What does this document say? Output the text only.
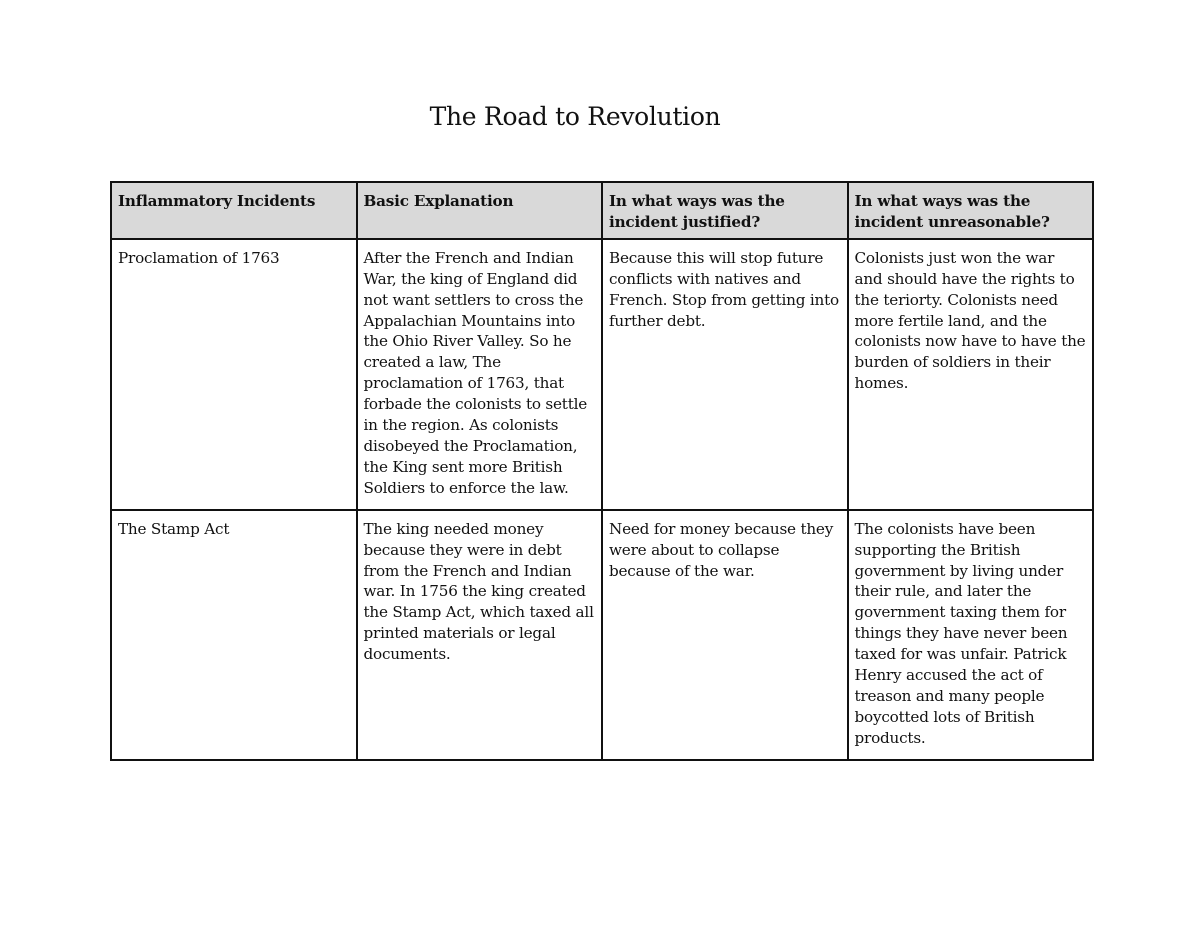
The Road to Revolution
Inflammatory Incidents	Basic Explanation	In what ways was the incident justified?	In what ways was the incident unreasonable?
Proclamation of 1763	After the French and Indian War, the king of England did not want settlers to cross the Appalachian Mountains into the Ohio River Valley. So he created a law, The proclamation of 1763, that forbade the colonists to settle in the region. As colonists disobeyed the Proclamation, the King sent more British Soldiers to enforce the law.	Because this will stop future conflicts with natives and French. Stop from getting into further debt.	Colonists just won the war and should have the rights to the teriorty. Colonists need more fertile land, and the colonists now have to have the burden of soldiers in their homes.
The Stamp Act	The king needed money because they were in debt from the French and Indian war. In 1756 the king created the Stamp Act, which taxed all printed materials or legal documents.	Need for money because they were about to collapse because of the war.	The colonists have been supporting the British government by living under their rule, and later the government taxing them for things they have never been taxed for was unfair. Patrick Henry accused the act of treason and many people boycotted lots of British products.
